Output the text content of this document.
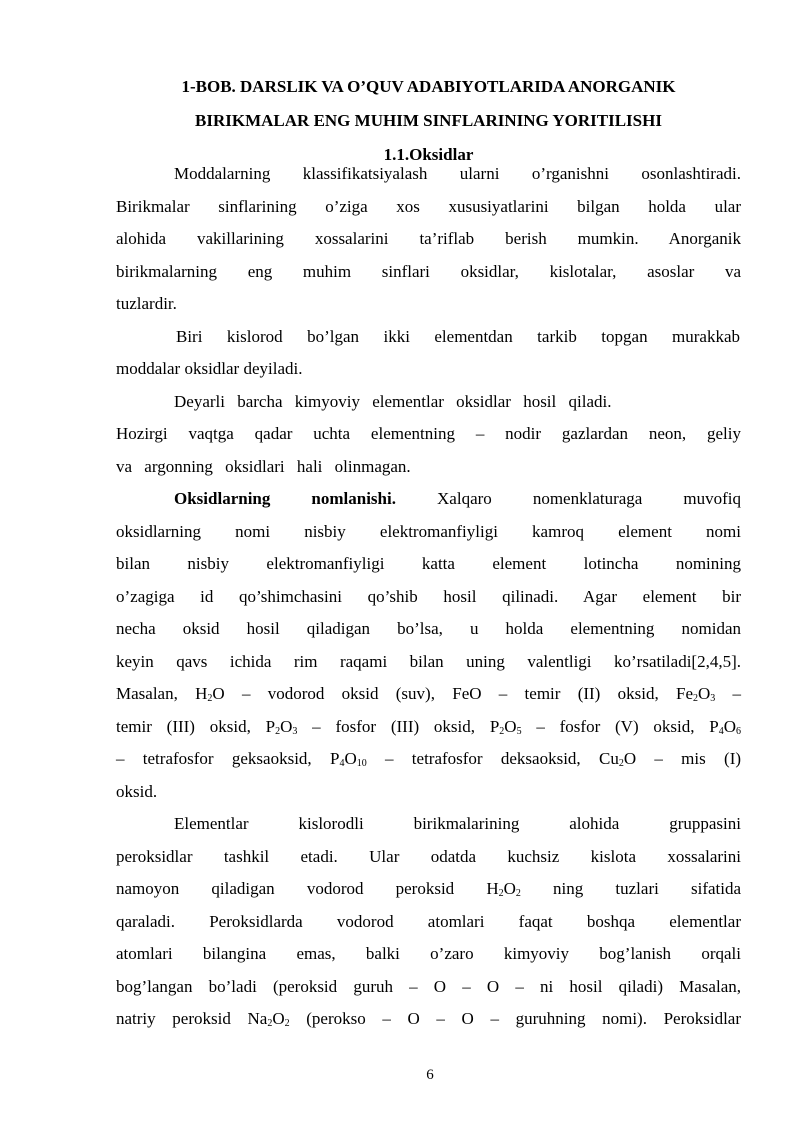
1-BOB. DARSLIK VA O’QUV ADABIYOTLARIDA ANORGANIK
BIRIKMALAR ENG MUHIM SINFLARINING YORITILISHI
1.1.Oksidlar
Moddalarning klassifikatsiyalash ularni o’rganishni osonlashtiradi.
Birikmalar sinflarining o’ziga xos xususiyatlarini bilgan holda ular
alohida vakillarining xossalarini ta’riflab berish mumkin. Anorganik
birikmalarning eng muhim sinflari oksidlar, kislotalar, asoslar va
tuzlardir.
Biri kislorod bo’lgan ikki elementdan tarkib topgan murakkab
moddalar oksidlar deyiladi.
Deyarli barcha kimyoviy elementlar oksidlar hosil qiladi.
Hozirgi vaqtga qadar uchta elementning – nodir gazlardan neon, geliy
va argonning oksidlari hali olinmagan.
Oksidlarning nomlanishi. Xalqaro nomenklaturaga muvofiq
oksidlarning nomi nisbiy elektromanfiyligi kamroq element nomi
bilan nisbiy elektromanfiyligi katta element lotincha nomining
o’zagiga id qo’shimchasini qo’shib hosil qilinadi. Agar element bir
necha oksid hosil qiladigan bo’lsa, u holda elementning nomidan
keyin qavs ichida rim raqami bilan uning valentligi ko’rsatiladi[2,4,5].
Masalan, $H_2O$ – vodorod oksid (suv), FeO – temir (II) oksid, $Fe_2O_3$ –
temir (III) oksid, $P_2O_3$ – fosfor (III) oksid, $P_2O_5$ – fosfor (V) oksid, $P_4O_6$
– tetrafosfor geksaoksid, $P_4O_{10}$ – tetrafosfor deksaoksid, $Cu_2O$ – mis (I)
oksid.
Elementlar kislorodli birikmalarining alohida gruppasini
peroksidlar tashkil etadi. Ular odatda kuchsiz kislota xossalarini
namoyon qiladigan vodorod peroksid $H_2O_2$ ning tuzlari sifatida
qaraladi. Peroksidlarda vodorod atomlari faqat boshqa elementlar
atomlari bilangina emas, balki o’zaro kimyoviy bog’lanish orqali
bog’langan bo’ladi (peroksid guruh – O – O – ni hosil qiladi) Masalan,
natriy peroksid $Na_2O_2$ (perokso – O – O – guruhning nomi). Peroksidlar
6
